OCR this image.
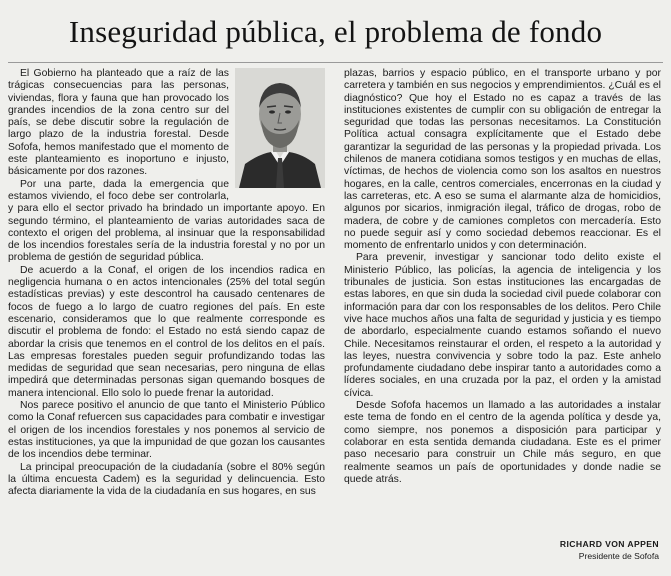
Inseguridad pública, el problema de fondo

El Gobierno ha planteado que a raíz de las trágicas consecuencias para las personas, viviendas, flora y fauna que han provocado los grandes incendios de la zona centro sur del país, se debe discutir sobre la regulación de largo plazo de la industria forestal. Desde Sofofa, hemos manifestado que el momento de este planteamiento es inoportuno e injusto, básicamente por dos razones.

Por una parte, dada la emergencia que estamos viviendo, el foco debe ser controlarla, y para ello el sector privado ha brindado un importante apoyo. En segundo término, el planteamiento de varias autoridades saca de contexto el origen del problema, al insinuar que la responsabilidad de los incendios forestales sería de la industria forestal y no por un problema de gestión de seguridad pública.

De acuerdo a la Conaf, el origen de los incendios radica en negligencia humana o en actos intencionales (25% del total según estadísticas previas) y este descontrol ha causado centenares de focos de fuego a lo largo de cuatro regiones del país. En este escenario, consideramos que lo que realmente corresponde es discutir el problema de fondo: el Estado no está siendo capaz de abordar la crisis que tenemos en el control de los delitos en el país. Las empresas forestales pueden seguir profundizando todas las medidas de seguridad que sean necesarias, pero ninguna de ellas impedirá que determinadas personas sigan quemando bosques de manera intencional. Ello solo lo puede frenar la autoridad.

Nos parece positivo el anuncio de que tanto el Ministerio Público como la Conaf refuercen sus capacidades para combatir e investigar el origen de los incendios forestales y nos ponemos al servicio de estas instituciones, ya que la impunidad de que gozan los causantes de los incendios debe terminar.

La principal preocupación de la ciudadanía (sobre el 80% según la última encuesta Cadem) es la seguridad y delincuencia. Esto afecta diariamente la vida de la ciudadanía en sus hogares, en sus

plazas, barrios y espacio público, en el transporte urbano y por carretera y también en sus negocios y emprendimientos. ¿Cuál es el diagnóstico? Que hoy el Estado no es capaz a través de las instituciones existentes de cumplir con su obligación de entregar la seguridad que todas las personas necesitamos. La Constitución Política actual consagra explícitamente que el Estado debe garantizar la seguridad de las personas y la propiedad privada. Los chilenos de manera cotidiana somos testigos y en muchas de ellas, víctimas, de hechos de violencia como son los asaltos en nuestros hogares, en la calle, centros comerciales, encerronas en la ciudad y las carreteras, etc. A eso se suma el alarmante alza de homicidios, algunos por sicarios, inmigración ilegal, tráfico de drogas, robo de madera, de cobre y de camiones completos con mercadería. Esto no puede seguir así y como sociedad debemos reaccionar. Es el momento de enfrentarlo unidos y con determinación.

Para prevenir, investigar y sancionar todo delito existe el Ministerio Público, las policías, la agencia de inteligencia y los tribunales de justicia. Son estas instituciones las encargadas de estas labores, en que sin duda la sociedad civil puede colaborar con información para dar con los responsables de los delitos. Pero Chile vive hace muchos años una falta de seguridad y justicia y es tiempo de abordarlo, especialmente cuando estamos soñando el nuevo Chile. Necesitamos reinstaurar el orden, el respeto a la autoridad y las leyes, nuestra convivencia y sobre todo la paz. Este anhelo profundamente ciudadano debe inspirar tanto a autoridades como a líderes sociales, en una cruzada por la paz, el orden y la amistad cívica.

Desde Sofofa hacemos un llamado a las autoridades a instalar este tema de fondo en el centro de la agenda política y desde ya, como siempre, nos ponemos a disposición para participar y colaborar en esta sentida demanda ciudadana. Este es el primer paso necesario para construir un Chile más seguro, en que realmente seamos un país de oportunidades y donde nadie se quede atrás.

RICHARD VON APPEN
Presidente de Sofofa
